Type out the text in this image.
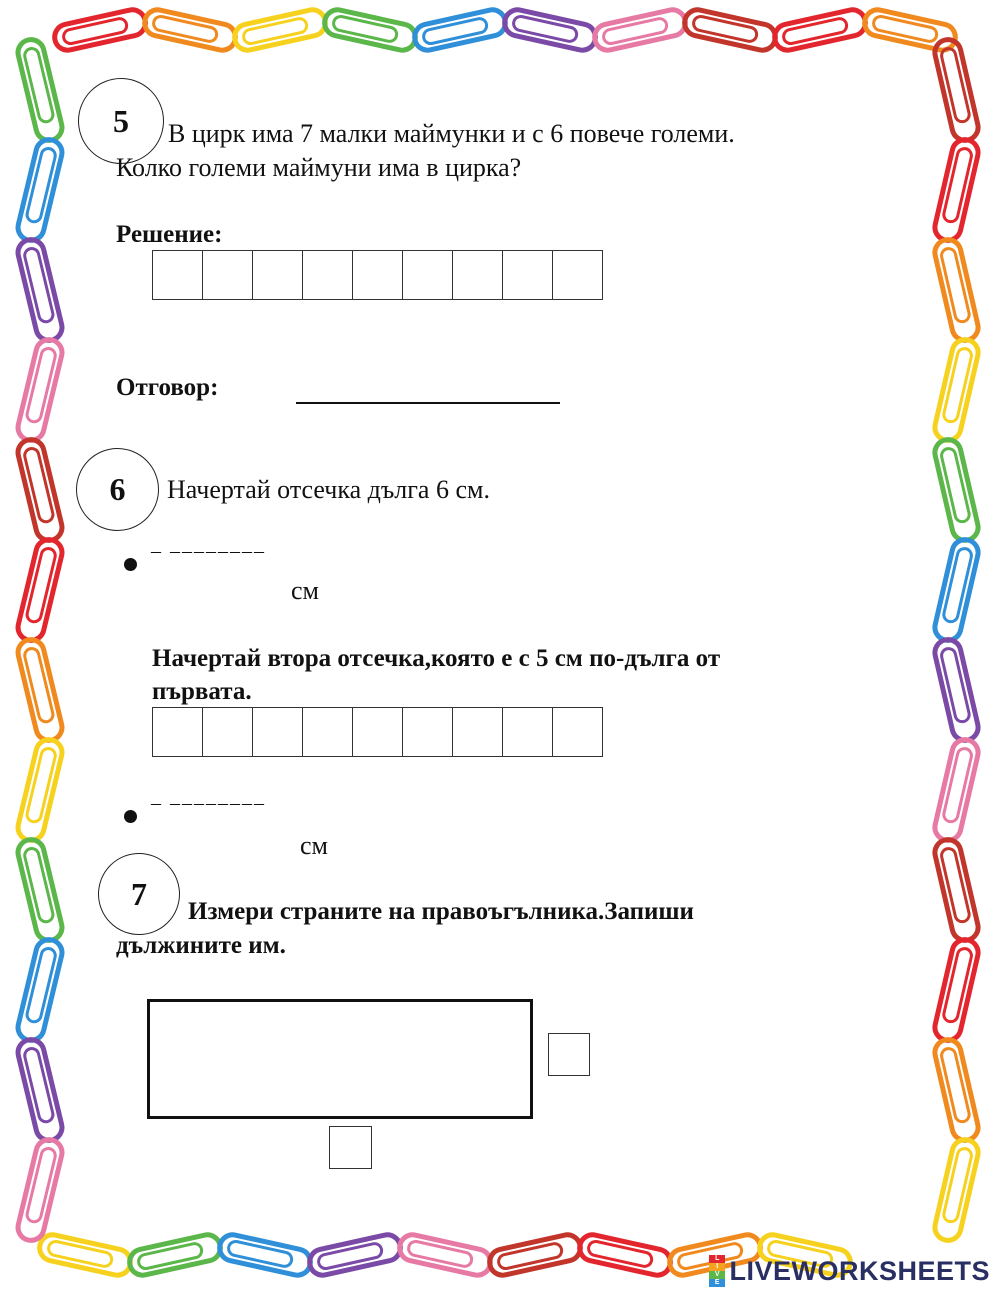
5	В цирк има 7 малки маймунки и с 6 повече големи.
Колко големи маймуни има в цирка?
Решение:
Отговор:
6	Начертай отсечка дълга 6 см.
– ––––––––
см
Начертай втора отсечка,която е с 5 см по-дълга от
първата.
– ––––––––
см
7	Измери страните на правоъгълника.Запиши
дължините им.
L
I
V
E LIVEWORKSHEETS
